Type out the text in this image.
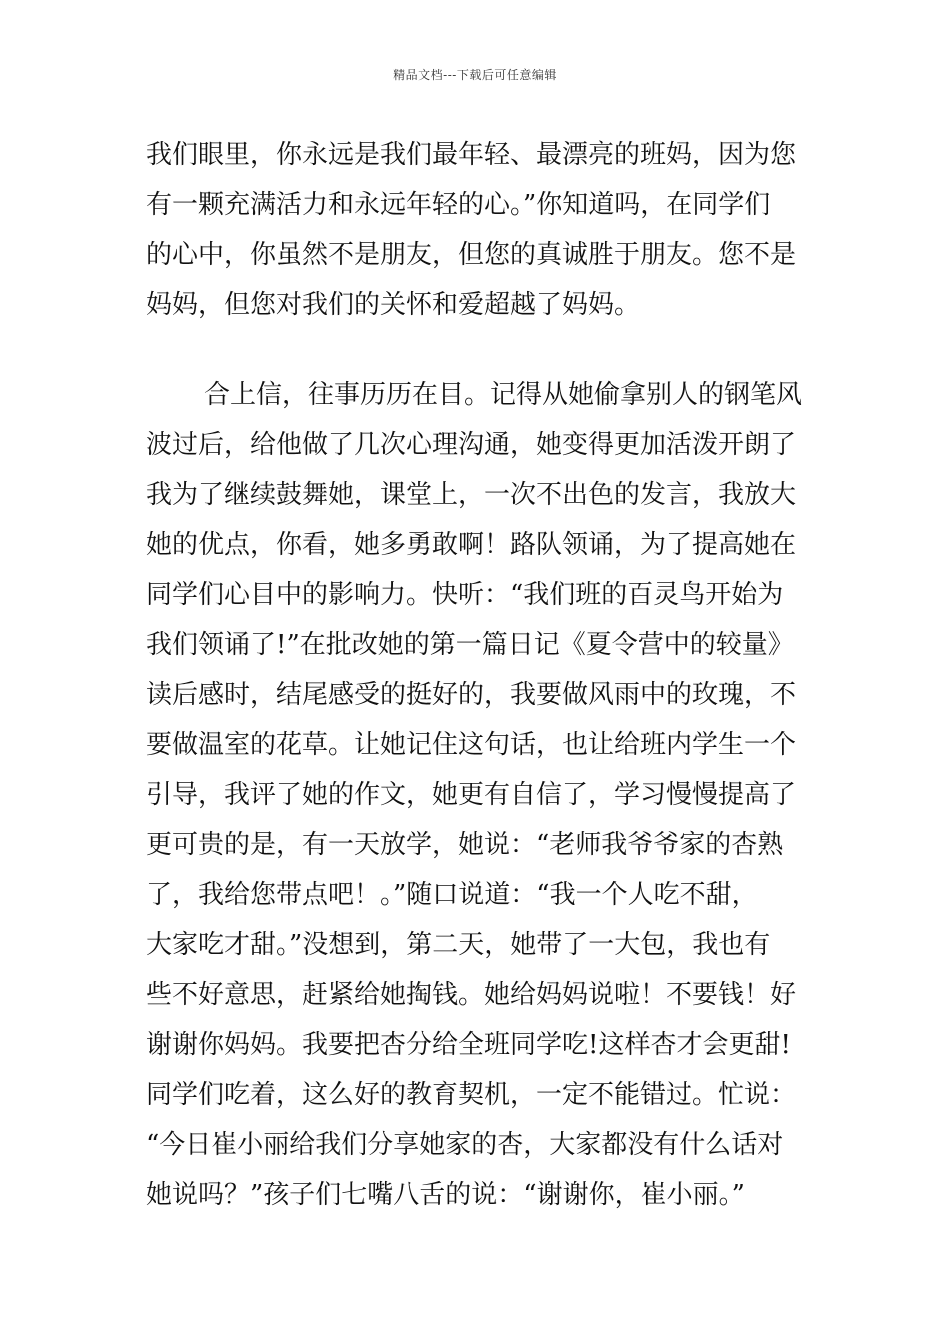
精品文档---下载后可任意编辑
我们眼里，你永远是我们最年轻、最漂亮的班妈，因为您
有一颗充满活力和永远年轻的心。”你知道吗，在同学们
的心中，你虽然不是朋友，但您的真诚胜于朋友。您不是
妈妈，但您对我们的关怀和爱超越了妈妈。
合上信，往事历历在目。记得从她偷拿别人的钢笔风
波过后，给他做了几次心理沟通，她变得更加活泼开朗了
我为了继续鼓舞她，课堂上，一次不出色的发言，我放大
她的优点，你看，她多勇敢啊！路队领诵，为了提高她在
同学们心目中的影响力。快听：“我们班的百灵鸟开始为
我们领诵了!”在批改她的第一篇日记《夏令营中的较量》
读后感时，结尾感受的挺好的，我要做风雨中的玫瑰，不
要做温室的花草。让她记住这句话，也让给班内学生一个
引导，我评了她的作文，她更有自信了，学习慢慢提高了
更可贵的是，有一天放学，她说：“老师我爷爷家的杏熟
了，我给您带点吧！。”随口说道：“我一个人吃不甜，
大家吃才甜。”没想到，第二天，她带了一大包，我也有
些不好意思，赶紧给她掏钱。她给妈妈说啦！不要钱！好
谢谢你妈妈。我要把杏分给全班同学吃!这样杏才会更甜!
同学们吃着，这么好的教育契机，一定不能错过。忙说：
“今日崔小丽给我们分享她家的杏，大家都没有什么话对
她说吗？”孩子们七嘴八舌的说：“谢谢你，崔小丽。”
